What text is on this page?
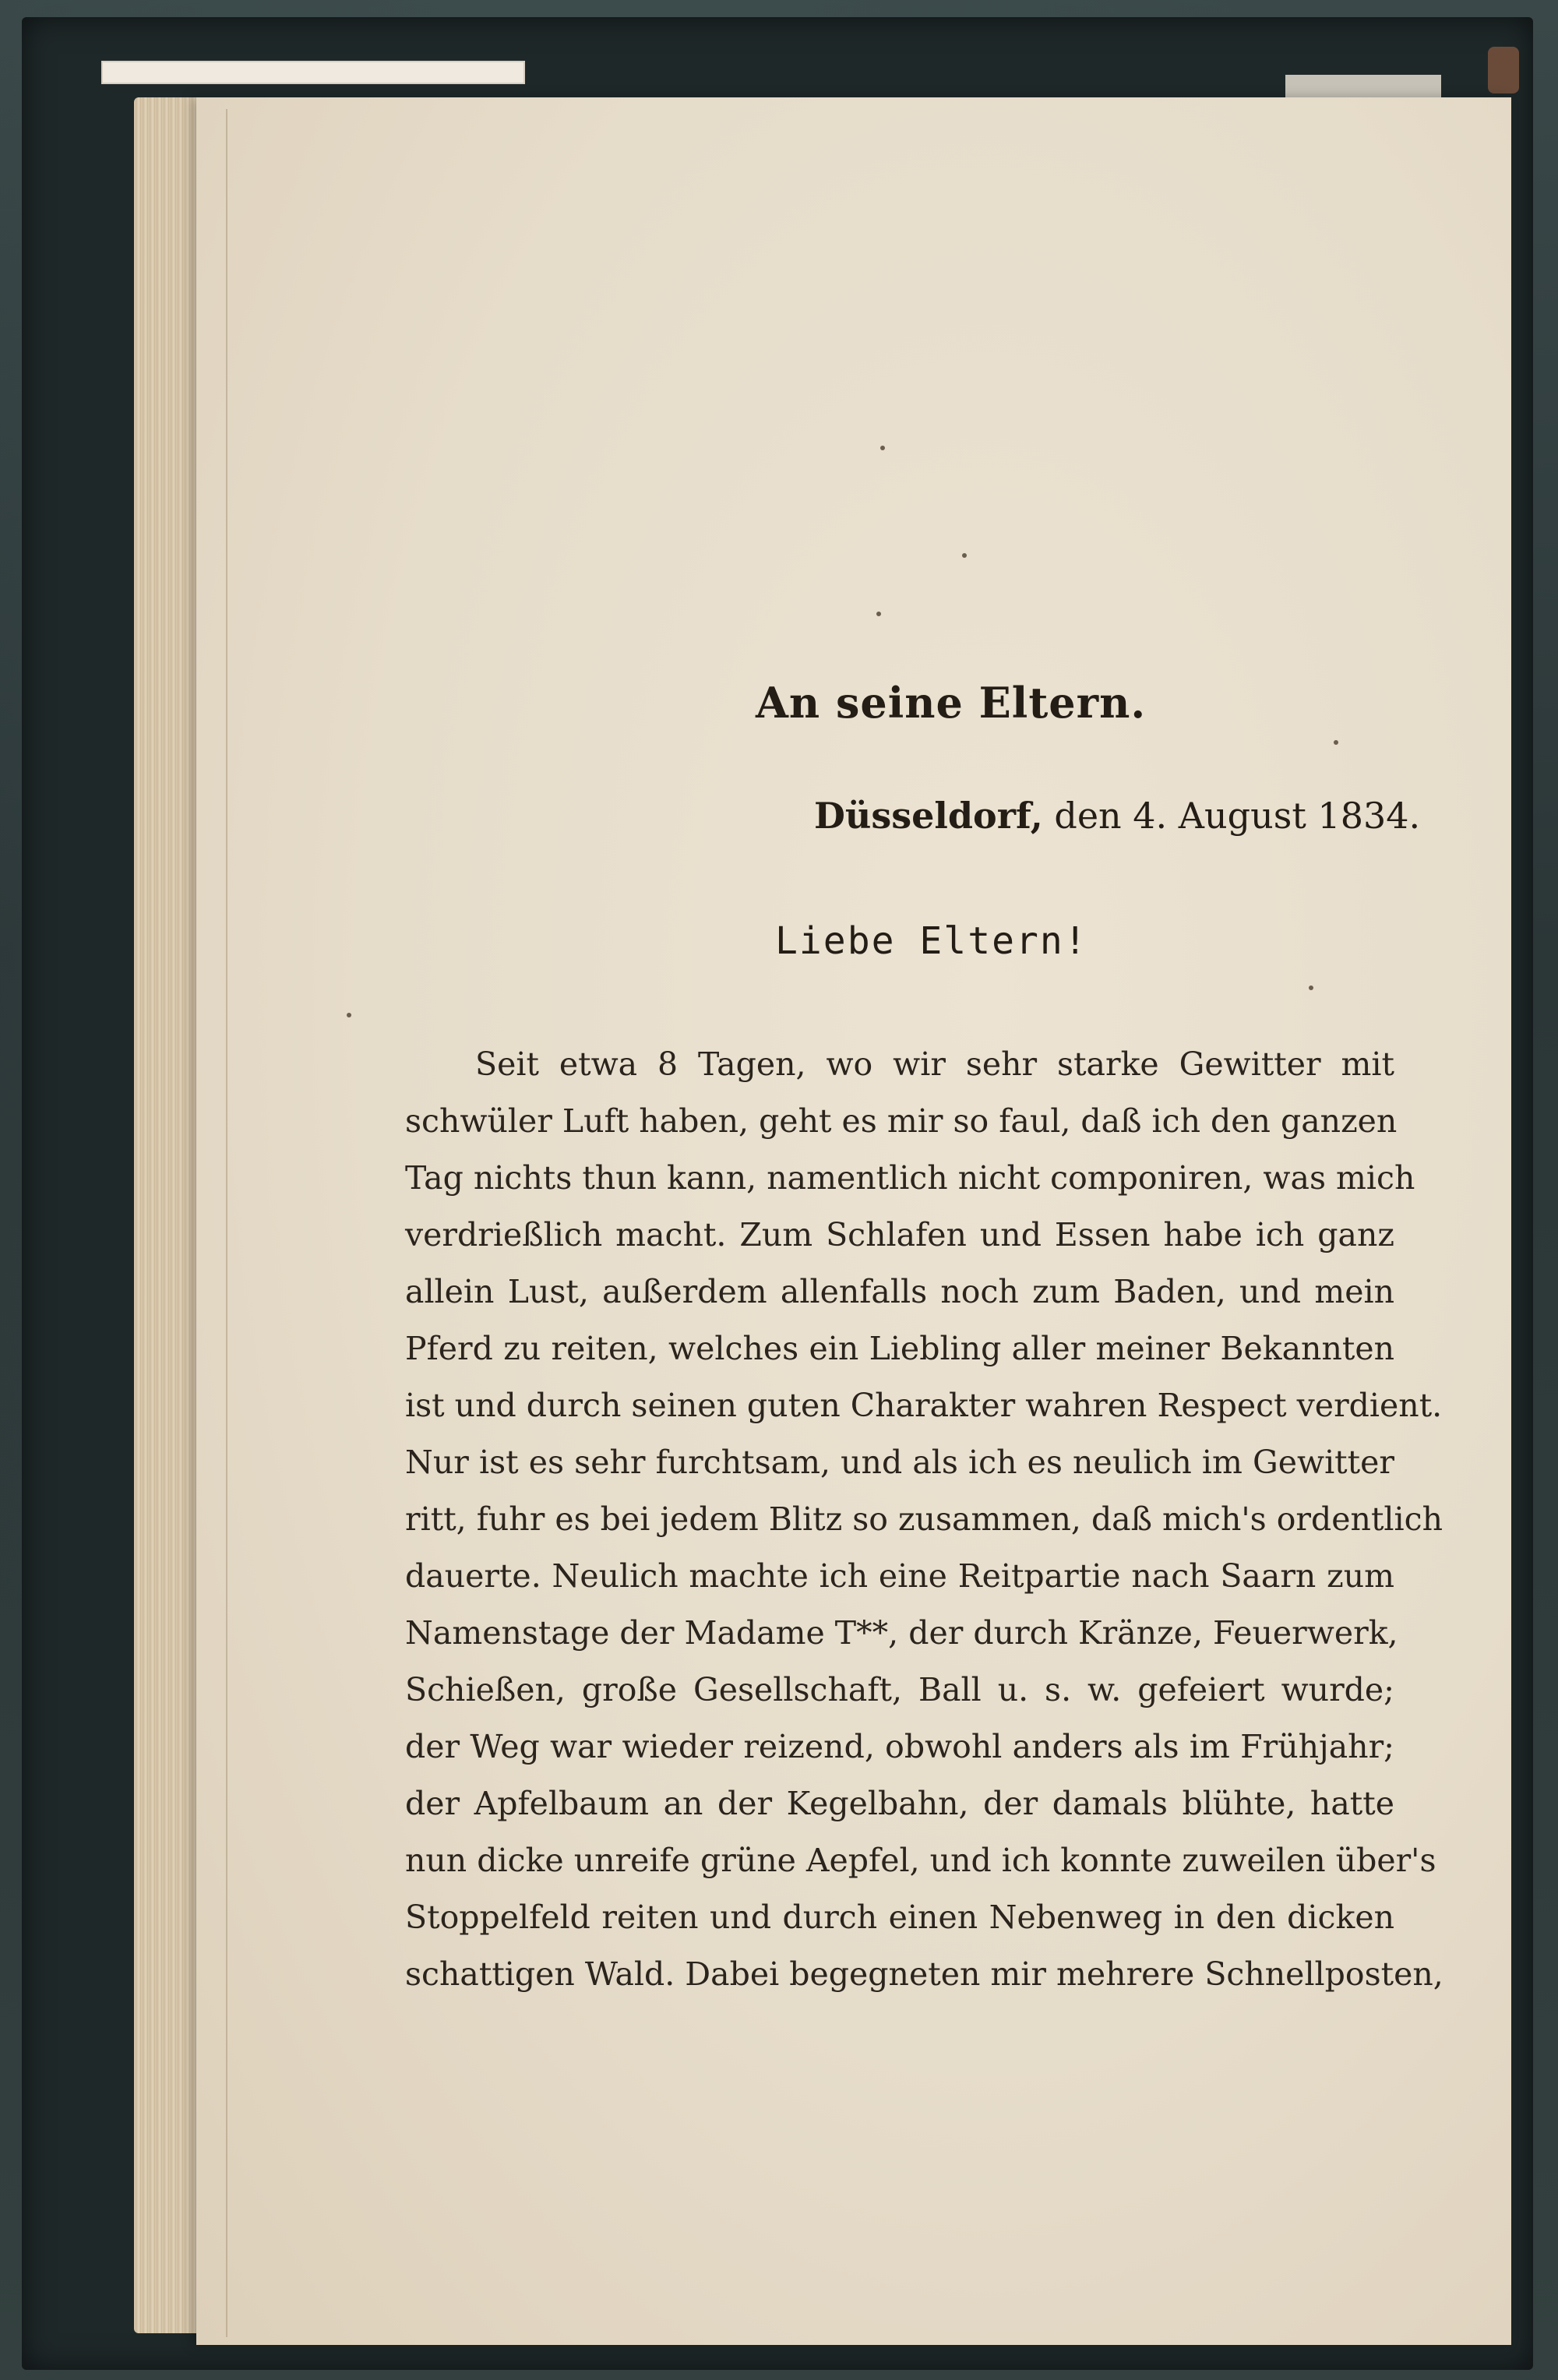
An seine Eltern.
Düsseldorf, den 4. August 1834.
Liebe Eltern!
Seit etwa 8 Tagen, wo wir sehr starke Gewitter mit
schwüler Luft haben, geht es mir so faul, daß ich den ganzen
Tag nichts thun kann, namentlich nicht componiren, was mich
verdrießlich macht. Zum Schlafen und Essen habe ich ganz
allein Lust, außerdem allenfalls noch zum Baden, und mein
Pferd zu reiten, welches ein Liebling aller meiner Bekannten
ist und durch seinen guten Charakter wahren Respect verdient.
Nur ist es sehr furchtsam, und als ich es neulich im Gewitter
ritt, fuhr es bei jedem Blitz so zusammen, daß mich's ordentlich
dauerte. Neulich machte ich eine Reitpartie nach Saarn zum
Namenstage der Madame T**, der durch Kränze, Feuerwerk,
Schießen, große Gesellschaft, Ball u. s. w. gefeiert wurde;
der Weg war wieder reizend, obwohl anders als im Frühjahr;
der Apfelbaum an der Kegelbahn, der damals blühte, hatte
nun dicke unreife grüne Aepfel, und ich konnte zuweilen über's
Stoppelfeld reiten und durch einen Nebenweg in den dicken
schattigen Wald. Dabei begegneten mir mehrere Schnellposten,
